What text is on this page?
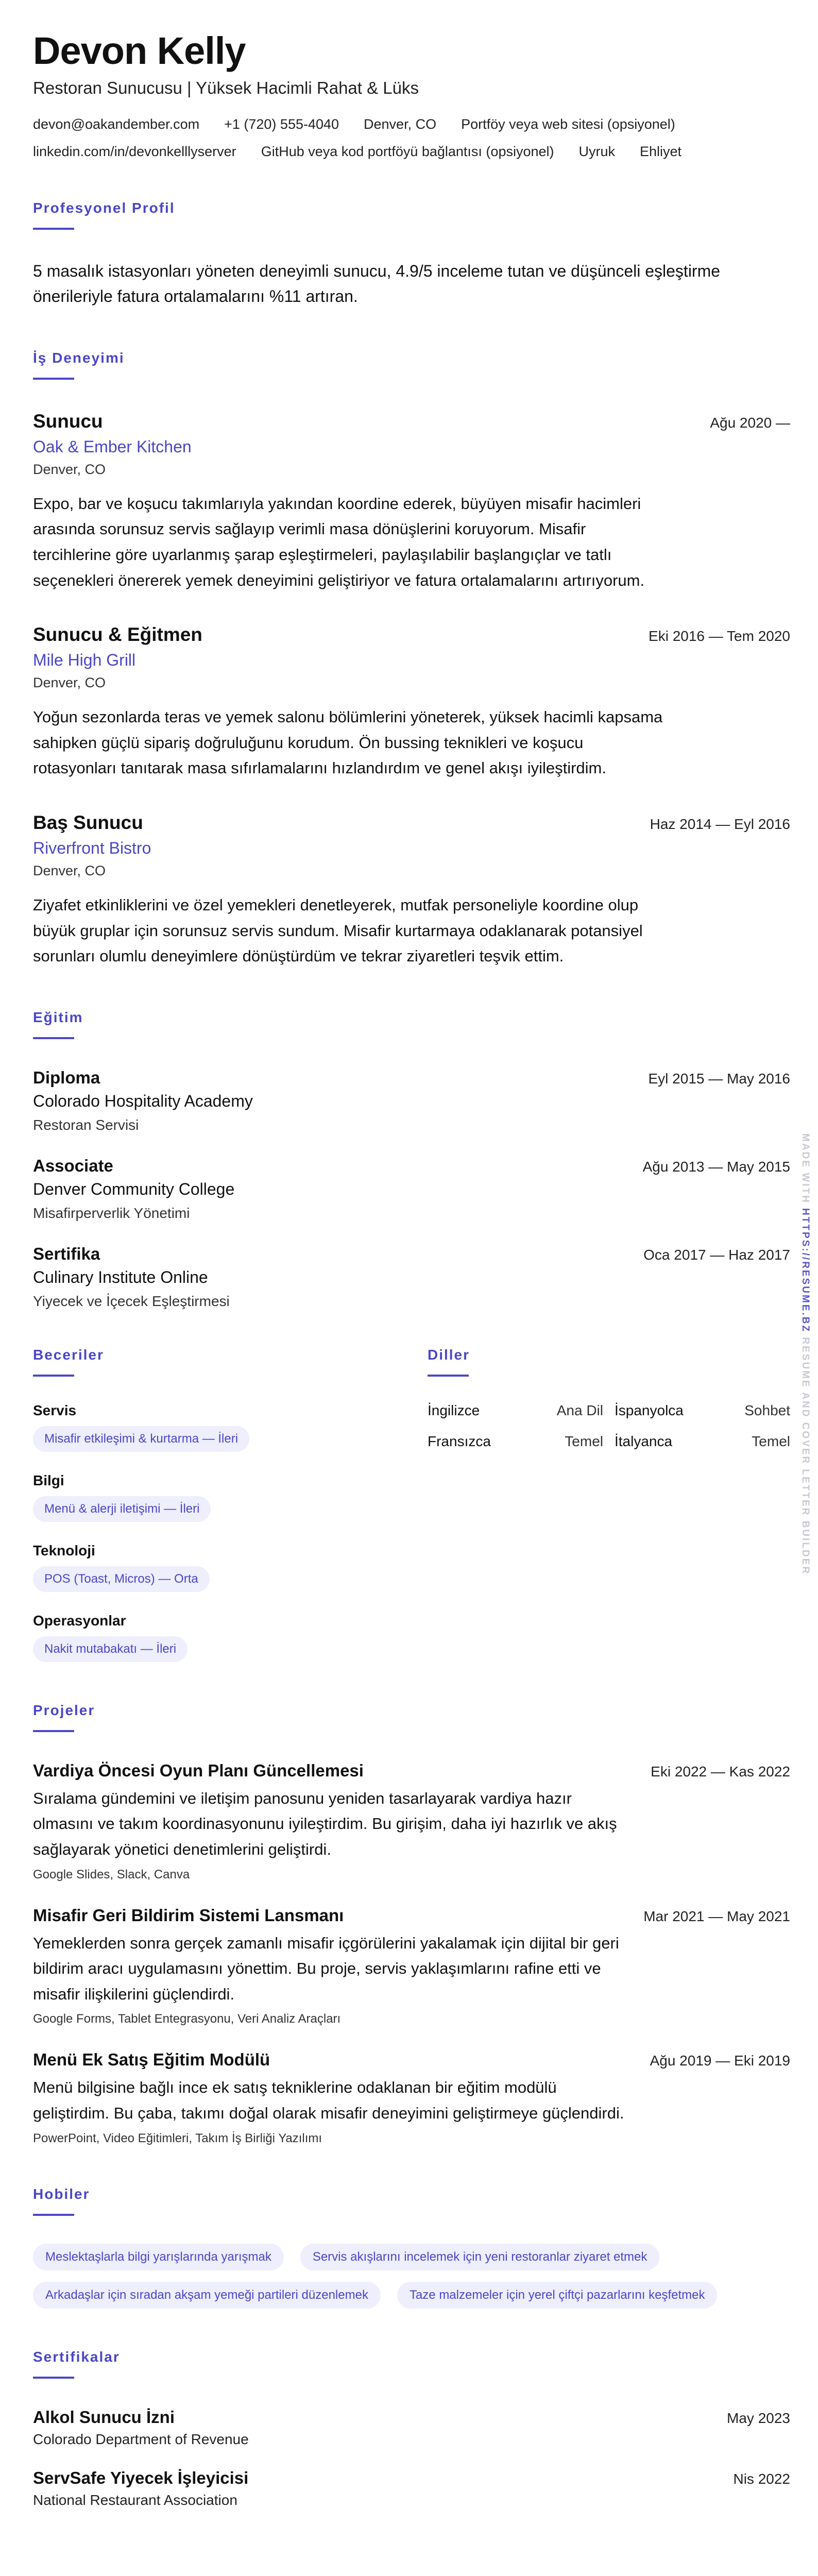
Devon Kelly
Restoran Sunucusu | Yüksek Hacimli Rahat & Lüks
devon@oakandember.com +1 (720) 555-4040 Denver, CO Portföy veya web sitesi (opsiyonel)
linkedin.com/in/devonkelllyserver GitHub veya kod portföyü bağlantısı (opsiyonel) Uyruk Ehliyet
Profesyonel Profil
5 masalık istasyonları yöneten deneyimli sunucu, 4.9/5 inceleme tutan ve düşünceli eşleştirme önerileriyle fatura ortalamalarını %11 artıran.
İş Deneyimi
Sunucu	Ağu 2020 —
Oak & Ember Kitchen
Denver, CO
Expo, bar ve koşucu takımlarıyla yakından koordine ederek, büyüyen misafir hacimleri arasında sorunsuz servis sağlayıp verimli masa dönüşlerini koruyorum. Misafir tercihlerine göre uyarlanmış şarap eşleştirmeleri, paylaşılabilir başlangıçlar ve tatlı seçenekleri önererek yemek deneyimini geliştiriyor ve fatura ortalamalarını artırıyorum.
Sunucu & Eğitmen	Eki 2016 — Tem 2020
Mile High Grill
Denver, CO
Yoğun sezonlarda teras ve yemek salonu bölümlerini yöneterek, yüksek hacimli kapsama sahipken güçlü sipariş doğruluğunu korudum. Ön bussing teknikleri ve koşucu rotasyonları tanıtarak masa sıfırlamalarını hızlandırdım ve genel akışı iyileştirdim.
Baş Sunucu	Haz 2014 — Eyl 2016
Riverfront Bistro
Denver, CO
Ziyafet etkinliklerini ve özel yemekleri denetleyerek, mutfak personeliyle koordine olup büyük gruplar için sorunsuz servis sundum. Misafir kurtarmaya odaklanarak potansiyel sorunları olumlu deneyimlere dönüştürdüm ve tekrar ziyaretleri teşvik ettim.
Eğitim
Diploma	Eyl 2015 — May 2016
Colorado Hospitality Academy
Restoran Servisi
Associate	Ağu 2013 — May 2015
Denver Community College
Misafirperverlik Yönetimi
Sertifika	Oca 2017 — Haz 2017
Culinary Institute Online
Yiyecek ve İçecek Eşleştirmesi
Beceriler
Servis
Misafir etkileşimi & kurtarma — İleri
Bilgi
Menü & alerji iletişimi — İleri
Teknoloji
POS (Toast, Micros) — Orta
Operasyonlar
Nakit mutabakatı — İleri
Diller
İngilizce	Ana Dil İspanyolca	Sohbet
Fransızca	Temel İtalyanca	Temel
Projeler
Vardiya Öncesi Oyun Planı Güncellemesi	Eki 2022 — Kas 2022
Sıralama gündemini ve iletişim panosunu yeniden tasarlayarak vardiya hazır olmasını ve takım koordinasyonunu iyileştirdim. Bu girişim, daha iyi hazırlık ve akış sağlayarak yönetici denetimlerini geliştirdi.
Google Slides, Slack, Canva
Misafir Geri Bildirim Sistemi Lansmanı	Mar 2021 — May 2021
Yemeklerden sonra gerçek zamanlı misafir içgörülerini yakalamak için dijital bir geri bildirim aracı uygulamasını yönettim. Bu proje, servis yaklaşımlarını rafine etti ve misafir ilişkilerini güçlendirdi.
Google Forms, Tablet Entegrasyonu, Veri Analiz Araçları
Menü Ek Satış Eğitim Modülü	Ağu 2019 — Eki 2019
Menü bilgisine bağlı ince ek satış tekniklerine odaklanan bir eğitim modülü geliştirdim. Bu çaba, takımı doğal olarak misafir deneyimini geliştirmeye güçlendirdi.
PowerPoint, Video Eğitimleri, Takım İş Birliği Yazılımı
Hobiler
Meslektaşlarla bilgi yarışlarında yarışmak	Servis akışlarını incelemek için yeni restoranlar ziyaret etmek
Arkadaşlar için sıradan akşam yemeği partileri düzenlemek	Taze malzemeler için yerel çiftçi pazarlarını keşfetmek
Sertifikalar
Alkol Sunucu İzni	May 2023
Colorado Department of Revenue
ServSafe Yiyecek İşleyicisi	Nis 2022
National Restaurant Association
MADE WITH HTTPS://RESUME.BZ RESUME AND COVER LETTER BUILDER
